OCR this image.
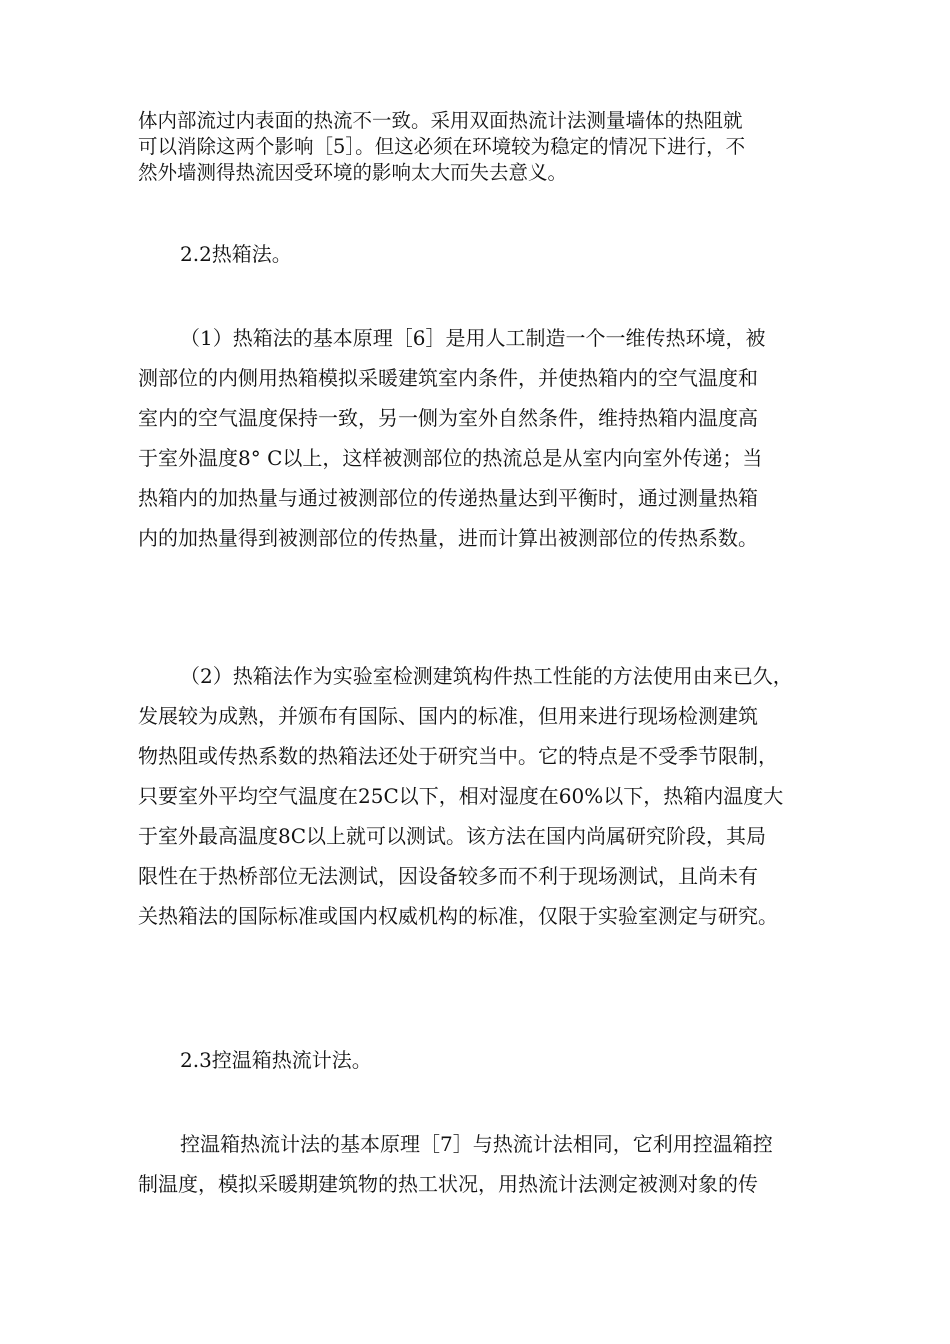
体内部流过内表面的热流不一致。采用双面热流计法测量墙体的热阻就
可以消除这两个影响［5］。但这必须在环境较为稳定的情况下进行，不
然外墙测得热流因受环境的影响太大而失去意义。
2.2热箱法。
（1）热箱法的基本原理［6］是用人工制造一个一维传热环境，被
测部位的内侧用热箱模拟采暖建筑室内条件，并使热箱内的空气温度和
室内的空气温度保持一致，另一侧为室外自然条件，维持热箱内温度高
于室外温度8° C以上，这样被测部位的热流总是从室内向室外传递；当
热箱内的加热量与通过被测部位的传递热量达到平衡时，通过测量热箱
内的加热量得到被测部位的传热量，进而计算出被测部位的传热系数。
（2）热箱法作为实验室检测建筑构件热工性能的方法使用由来已久，
发展较为成熟，并颁布有国际、国内的标准，但用来进行现场检测建筑
物热阻或传热系数的热箱法还处于研究当中。它的特点是不受季节限制，
只要室外平均空气温度在25C以下，相对湿度在60%以下，热箱内温度大
于室外最高温度8C以上就可以测试。该方法在国内尚属研究阶段，其局
限性在于热桥部位无法测试，因设备较多而不利于现场测试，且尚未有
关热箱法的国际标准或国内权威机构的标准，仅限于实验室测定与研究。
2.3控温箱热流计法。
控温箱热流计法的基本原理［7］与热流计法相同，它利用控温箱控
制温度，模拟采暖期建筑物的热工状况，用热流计法测定被测对象的传
